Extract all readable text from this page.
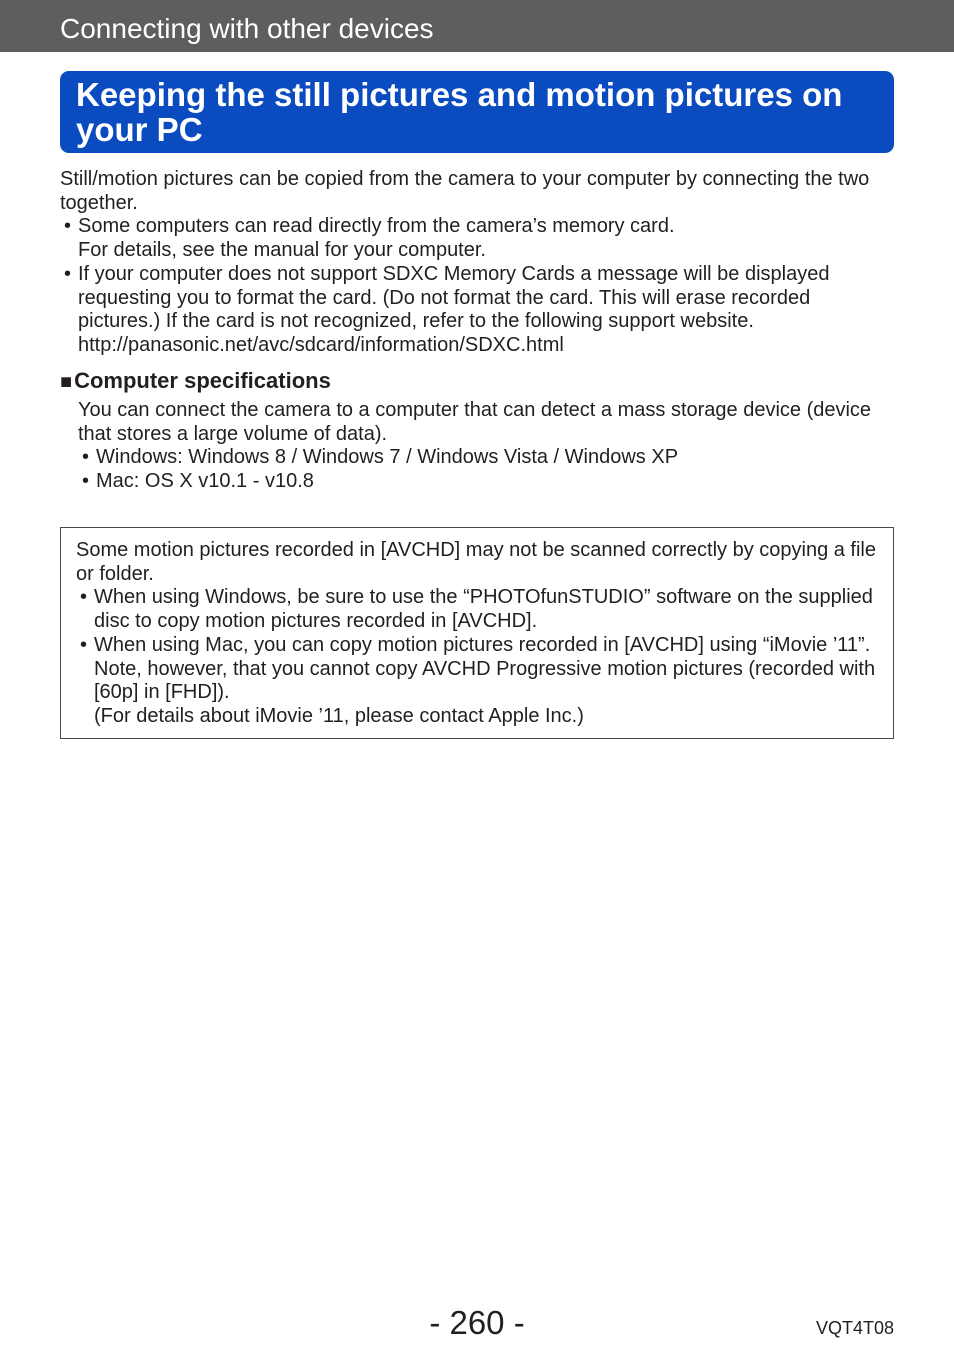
Connecting with other devices
Keeping the still pictures and motion pictures on your PC
Still/motion pictures can be copied from the camera to your computer by connecting the two together.
• Some computers can read directly from the camera’s memory card.
For details, see the manual for your computer.
• If your computer does not support SDXC Memory Cards a message will be displayed requesting you to format the card. (Do not format the card. This will erase recorded pictures.) If the card is not recognized, refer to the following support website.
http://panasonic.net/avc/sdcard/information/SDXC.html
■Computer specifications
You can connect the camera to a computer that can detect a mass storage device (device that stores a large volume of data).
• Windows: Windows 8 / Windows 7 / Windows Vista / Windows XP
• Mac: OS X v10.1 - v10.8
Some motion pictures recorded in [AVCHD] may not be scanned correctly by copying a file or folder.
• When using Windows, be sure to use the “PHOTOfunSTUDIO” software on the supplied disc to copy motion pictures recorded in [AVCHD].
• When using Mac, you can copy motion pictures recorded in [AVCHD] using “iMovie ’11”. Note, however, that you cannot copy AVCHD Progressive motion pictures (recorded with [60p] in [FHD]).
(For details about iMovie ’11, please contact Apple Inc.)
- 260 -	VQT4T08
